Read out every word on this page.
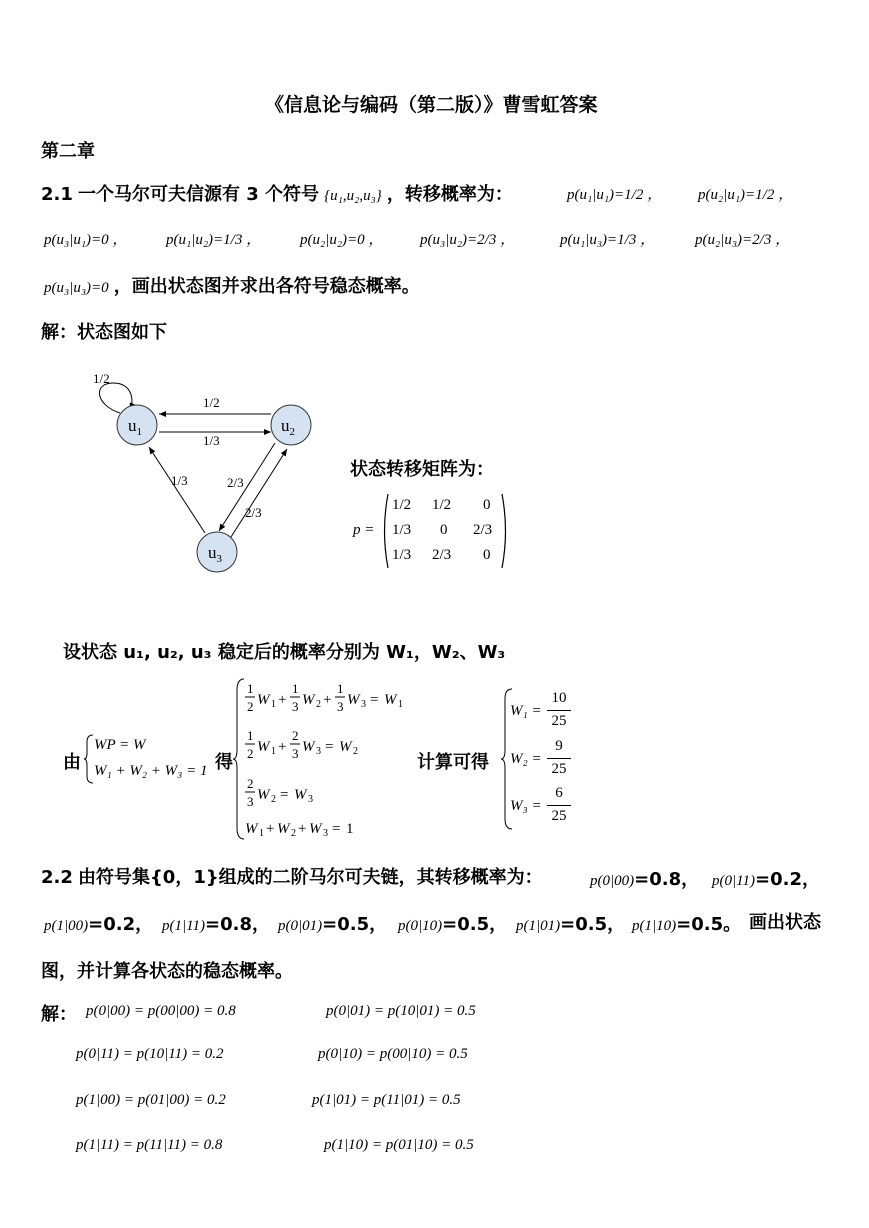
《信息论与编码（第二版）》曹雪虹答案
第二章
2.1 一个马尔可夫信源有 3 个符号 {u₁,u₂,u₃} ，转移概率为：	p(u₁|u₁)=1/2 ， p(u₂|u₁)=1/2 ，
p(u₃|u₁)=0 ，	p(u₁|u₂)=1/3 ，	p(u₂|u₂)=0 ， p(u₃|u₂)=2/3 ，	p(u₁|u₃)=1/3 ，	p(u₂|u₃)=2/3 ，
p(u₃|u₃)=0 ，画出状态图并求出各符号稳态概率。
解：状态图如下
$u_1$	$u_2$
$u_3$
1/2
1/2
1/3
1/3	2/3
2/3
状态转移矩阵为：
p =
1/2 1/2 0
1/3 0 2/3
1/3 2/3 0
设状态 u₁, u₂, u₃ 稳定后的概率分别为 W₁，W₂、W₃
由
WP = W
W₁ + W₂ + W₃ = 1 得
1
2 W 1 +
1
3 W 2 +
1
3 W 3 = W 1
1
2 W 1 +
2
3 W 3 = W 2
2
3 W 2 = W 3
W 1 + W 2 + W 3 = 1
计算可得
W₁ =
10
25
W₂ =
9
25
W₃ =
6
25
2.2 由符号集{0，1}组成的二阶马尔可夫链，其转移概率为：	p(0|00)=0.8， p(0|11)=0.2，
p(1|00)=0.2， p(1|11)=0.8， p(0|01)=0.5， p(0|10)=0.5， p(1|01)=0.5， p(1|10)=0.5。 画出状态
图，并计算各状态的稳态概率。
解： p(0|00) = p(00|00) = 0.8	p(0|01) = p(10|01) = 0.5
p(0|11) = p(10|11) = 0.2	p(0|10) = p(00|10) = 0.5
p(1|00) = p(01|00) = 0.2	p(1|01) = p(11|01) = 0.5
p(1|11) = p(11|11) = 0.8	p(1|10) = p(01|10) = 0.5
